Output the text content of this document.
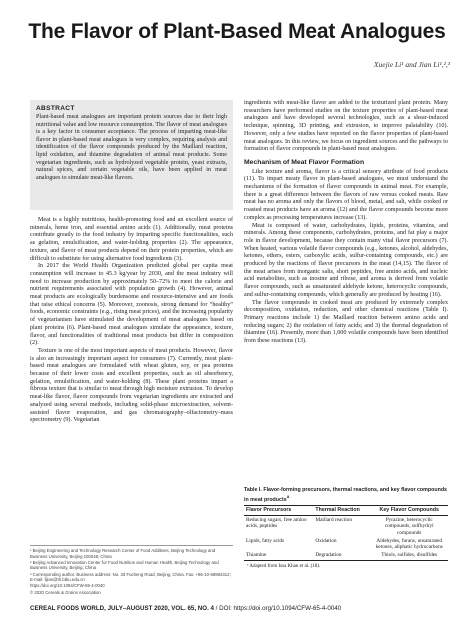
The Flavor of Plant-Based Meat Analogues
Xuejie Li¹ and Jian Li¹,²,³
ABSTRACT

Plant-based meat analogues are important protein sources due to their high nutritional value and low resource consumption. The flavor of meat analogues is a key factor in consumer acceptance. The process of imparting meat-like flavor in plant-based meat analogues is very complex, requiring analysis and identification of the flavor compounds produced by the Maillard reaction, lipid oxidation, and thiamine degradation of animal meat products. Some vegetarian ingredients, such as hydrolyzed vegetable protein, yeast extracts, natural spices, and certain vegetable oils, have been applied in meat analogues to simulate meat-like flavors.

Meat is a highly nutritious, health-promoting food and an excellent source of minerals, heme iron, and essential amino acids (1). Additionally, meat proteins contribute greatly to the food industry by imparting specific functionalities, such as gelation, emulsification, and water-holding properties (2). The appearance, texture, and flavor of meat products depend on their protein properties, which are difficult to substitute for using alternative food ingredients (3).

In 2017 the World Health Organization predicted global per capita meat consumption will increase to 45.3 kg/year by 2030, and the meat industry will need to increase production by approximately 50–72% to meet the calorie and nutrient requirements associated with population growth (4). However, animal meat products are ecologically burdensome and resource-intensive and are foods that raise ethical concerns (5). Moreover, zoonosis, strong demand for “healthy” foods, economic constraints (e.g., rising meat prices), and the increasing popularity of vegetarianism have stimulated the development of meat analogues based on plant proteins (6). Plant-based meat analogues simulate the appearance, texture, flavor, and functionalities of traditional meat products but differ in composition (2).

Texture is one of the most important aspects of meat products. However, flavor is also an increasingly important aspect for consumers (7). Currently, most plant-based meat analogues are formulated with wheat gluten, soy, or pea proteins because of their lower costs and excellent properties, such as oil absorbency, gelation, emulsification, and water-holding (8). These plant proteins impart a fibrous texture that is similar to meat through high moisture extrusion. To develop meat-like flavor, flavor compounds from vegetarian ingredients are extracted and analyzed using several methods, including solid-phase microextraction, solvent-assisted flavor evaporation, and gas chromatography–olfactometry–mass spectrometry (9). Vegetarian

¹ Beijing Engineering and Technology Research Center of Food Additives, Beijing Technology and Business University, Beijing 100048, China
² Beijing Advanced Innovation Center for Food Nutrition and Human Health, Beijing Technology and Business University, Beijing, China
³ Corresponding author. Business address: No. 33 Fucheng Road, Beijing, China. Fax: +86-10-68984312; E-mail: lijian@th.btbu.edu.cn
https://doi.org/10.1094/CFW-65-4-0040
© 2020 Cereals & Grains Association

ingredients with meat-like flavor are added to the texturized plant protein. Many researchers have performed studies on the texture properties of plant-based meat analogues and have developed several technologies, such as a shear-induced technique, spinning, 3D printing, and extrusion, to improve palatability (10). However, only a few studies have reported on the flavor properties of plant-based meat analogues. In this review, we focus on ingredient sources and the pathways to formation of flavor compounds in plant-based meat analogues.

Mechanism of Meat Flavor Formation

Like texture and aroma, flavor is a critical sensory attribute of food products (11). To impart meaty flavor in plant-based analogues, we must understand the mechanisms of the formation of flavor compounds in animal meat. For example, there is a great difference between the flavors of raw versus cooked meats. Raw meat has no aroma and only the flavors of blood, metal, and salt, while cooked or roasted meat products have an aroma (12) and the flavor compounds become more complex as processing temperatures increase (13).

Meat is composed of water, carbohydrates, lipids, proteins, vitamins, and minerals. Among these components, carbohydrates, proteins, and fat play a major role in flavor development, because they contain many vital flavor precursors (7). When heated, various volatile flavor compounds (e.g., ketones, alcohol, aldehydes, ketones, ethers, esters, carboxylic acids, sulfur-containing compounds, etc.) are produced by the reactions of flavor precursors in the meat (14,15). The flavor of the meat arises from inorganic salts, short peptides, free amino acids, and nucleic acid metabolites, such as inosine and ribose, and aroma is derived from volatile flavor compounds, such as unsaturated aldehyde ketone, heterocyclic compounds, and sulfur-containing compounds, which generally are produced by heating (16).

The flavor compounds in cooked meat are produced by extremely complex decomposition, oxidation, reduction, and other chemical reactions (Table I). Primary reactions include 1) the Maillard reaction between amino acids and reducing sugars; 2) the oxidation of fatty acids; and 3) the thermal degradation of thiamine (16). Presently, more than 1,000 volatile compounds have been identified from these reactions (13).

Table I. Flavor-forming precursors, thermal reactions, and key flavor compounds in meat products$^a$
Flavor Precursors	Thermal Reaction	Key Flavor Compounds
Reducing sugars, free amino acids, peptides	Maillard reaction	Pyrazine, heterocyclic compounds, sulfhydryl compounds
Lipids, fatty acids	Oxidation	Aldehydes, furans, unsaturated ketones, aliphatic hydrocarbons
Thiamine	Degradation	Thiols, sulfides, disulfides
ᵃ Adapted from Issa Khan et al. (18).
CEREAL FOODS WORLD, JULY–AUGUST 2020, VOL. 65, NO. 4 / DOI: https://doi.org/10.1094/CFW-65-4-0040
